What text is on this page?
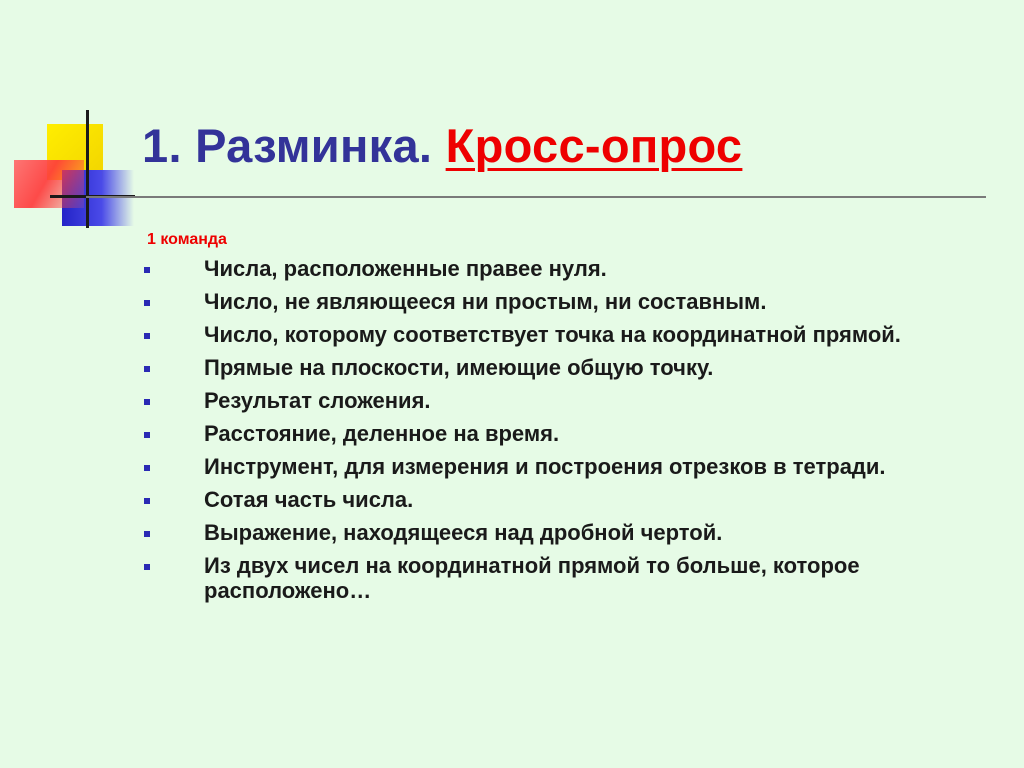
1. Разминка. Кросс-опрос
1 команда
Числа, расположенные правее нуля.
Число, не являющееся ни простым, ни составным.
Число, которому соответствует точка на координатной прямой.
Прямые на плоскости, имеющие общую точку.
Результат сложения.
Расстояние, деленное на время.
Инструмент, для измерения и построения отрезков в тетради.
Сотая часть числа.
Выражение, находящееся над дробной чертой.
Из двух чисел на координатной прямой то больше, которое расположено…
